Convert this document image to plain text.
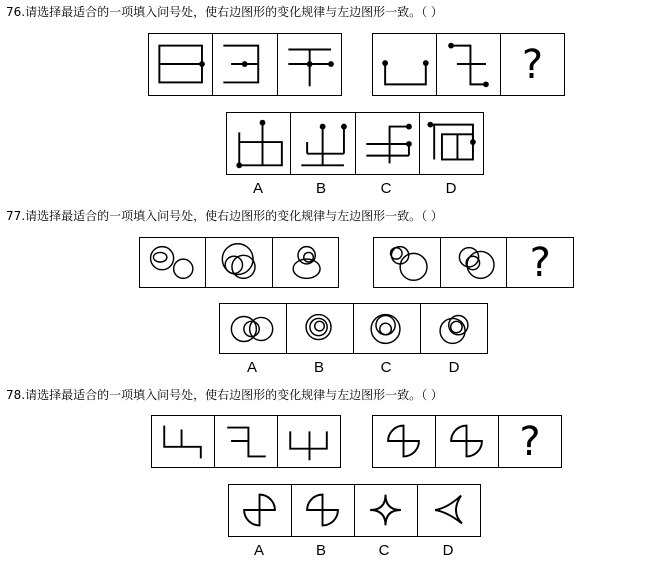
76.请选择最适合的一项填入问号处，使右边图形的变化规律与左边图形一致。（ ）
?
A	B	C	D
77.请选择最适合的一项填入问号处，使右边图形的变化规律与左边图形一致。（ ）
?
A	B	C	D
78.请选择最适合的一项填入问号处，使右边图形的变化规律与左边图形一致。（ ）
?
A	B	C	D
